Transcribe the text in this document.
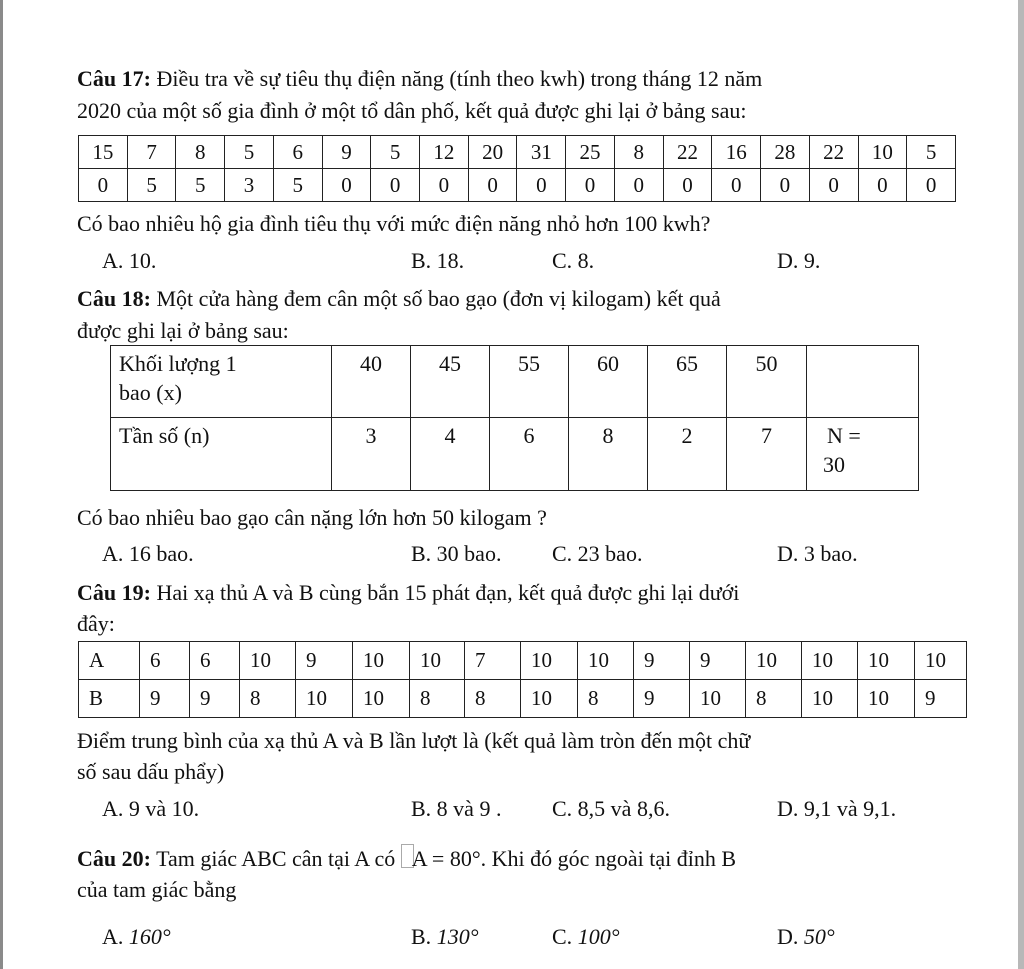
Câu 17: Điều tra về sự tiêu thụ điện năng (tính theo kwh) trong tháng 12 năm
2020 của một số gia đình ở một tổ dân phố, kết quả được ghi lại ở bảng sau:
15	7	8	5	6	9	5	12	20	31	25	8	22	16	28	22	10	5
0	5	5	3	5	0	0	0	0	0	0	0	0	0	0	0	0	0
Có bao nhiêu hộ gia đình tiêu thụ với mức điện năng nhỏ hơn 100 kwh?
A. 10.	B. 18.	C. 8.	D. 9.
Câu 18: Một cửa hàng đem cân một số bao gạo (đơn vị kilogam) kết quả
được ghi lại ở bảng sau:
Khối lượng 1
bao (x)	40	45	55	60	65	50	
Tần số (n)	3	4	6	8	2	7	N =
30
Có bao nhiêu bao gạo cân nặng lớn hơn 50 kilogam ?
A. 16 bao.	B. 30 bao. C. 23 bao.	D. 3 bao.
Câu 19: Hai xạ thủ A và B cùng bắn 15 phát đạn, kết quả được ghi lại dưới
đây:
A	6	6	10	9	10	10	7	10	10	9	9	10	10	10	10
B	9	9	8	10	10	8	8	10	8	9	10	8	10	10	9
Điểm trung bình của xạ thủ A và B lần lượt là (kết quả làm tròn đến một chữ
số sau dấu phẩy)
A. 9 và 10.	B. 8 và 9 . C. 8,5 và 8,6.	D. 9,1 và 9,1.
Câu 20: Tam giác ABC cân tại A có A = 80°. Khi đó góc ngoài tại đỉnh B
của tam giác bằng
A. 160°	B. 130°	C. 100°	D. 50°
